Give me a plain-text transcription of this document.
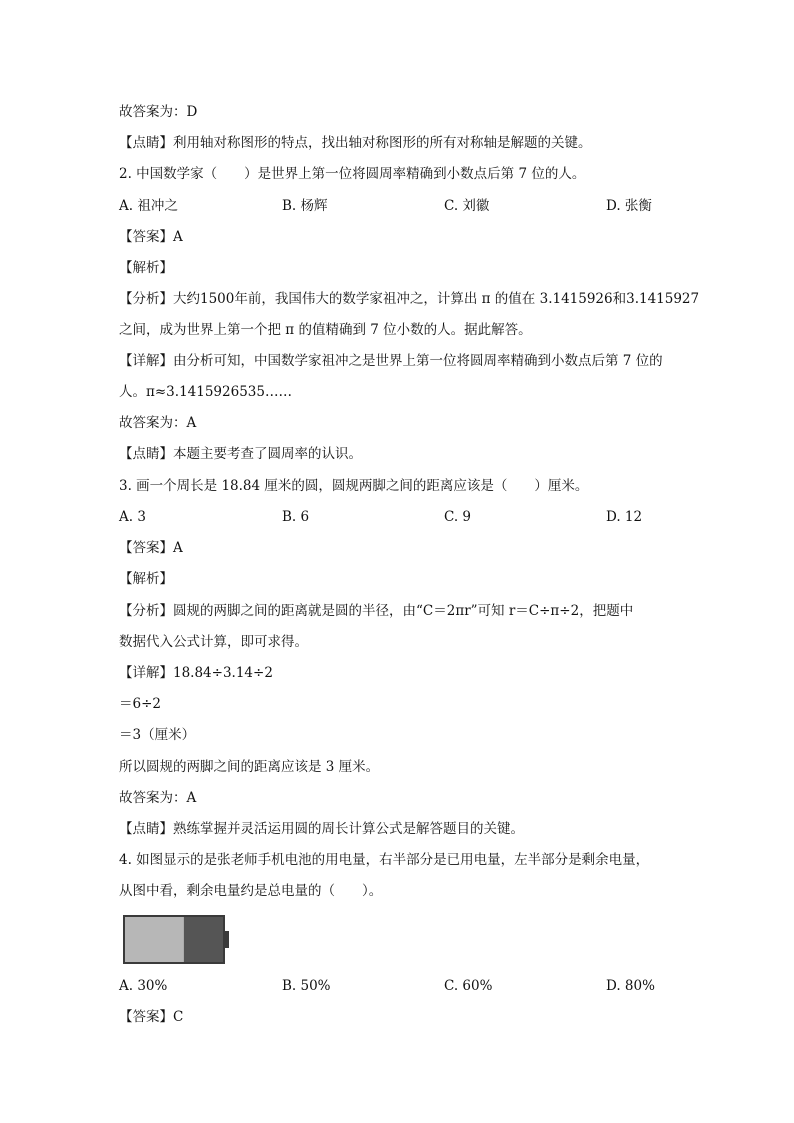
故答案为：D
【点睛】利用轴对称图形的特点，找出轴对称图形的所有对称轴是解题的关键。
2. 中国数学家（　　）是世界上第一位将圆周率精确到小数点后第 7 位的人。
A. 祖冲之	B. 杨辉	C. 刘徽	D. 张衡
【答案】A
【解析】
【分析】大约1500年前，我国伟大的数学家祖冲之，计算出 π 的值在 3.1415926和3.1415927
之间，成为世界上第一个把 π 的值精确到 7 位小数的人。据此解答。
【详解】由分析可知，中国数学家祖冲之是世界上第一位将圆周率精确到小数点后第 7 位的
人。π≈3.1415926535……
故答案为：A
【点睛】本题主要考查了圆周率的认识。
3. 画一个周长是 18.84 厘米的圆，圆规两脚之间的距离应该是（　　）厘米。
A. 3	B. 6	C. 9	D. 12
【答案】A
【解析】
【分析】圆规的两脚之间的距离就是圆的半径，由“C＝2πr”可知 r＝C÷π÷2，把题中
数据代入公式计算，即可求得。
【详解】18.84÷3.14÷2
＝6÷2
＝3（厘米）
所以圆规的两脚之间的距离应该是 3 厘米。
故答案为：A
【点睛】熟练掌握并灵活运用圆的周长计算公式是解答题目的关键。
4. 如图显示的是张老师手机电池的用电量，右半部分是已用电量，左半部分是剩余电量，
从图中看，剩余电量约是总电量的（　　）。
A. 30%	B. 50%	C. 60%	D. 80%
【答案】C
